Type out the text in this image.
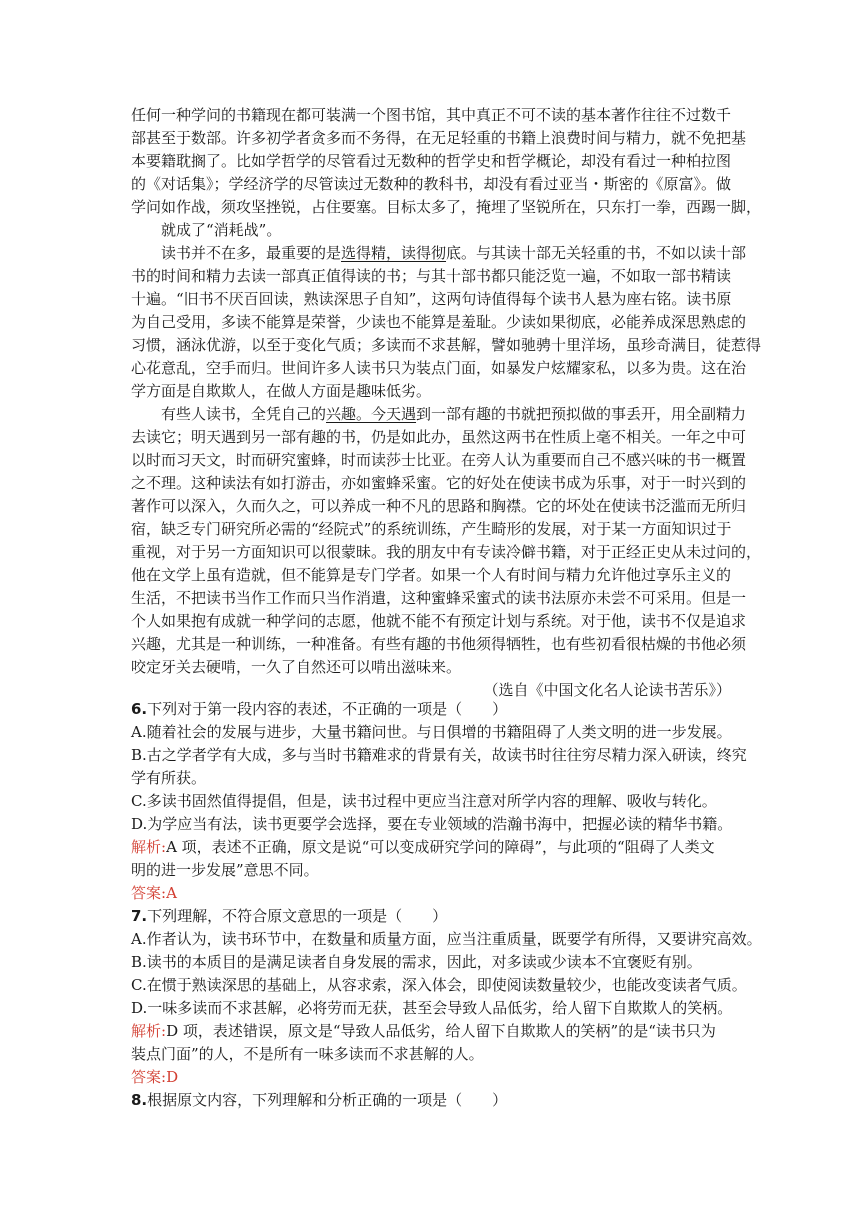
任何一种学问的书籍现在都可装满一个图书馆，其中真正不可不读的基本著作往往不过数千
部甚至于数部。许多初学者贪多而不务得，在无足轻重的书籍上浪费时间与精力，就不免把基
本要籍耽搁了。比如学哲学的尽管看过无数种的哲学史和哲学概论，却没有看过一种柏拉图
的《对话集》；学经济学的尽管读过无数种的教科书，却没有看过亚当・斯密的《原富》。做
学问如作战，须攻坚挫锐，占住要塞。目标太多了，掩埋了坚锐所在，只东打一拳，西踢一脚，
就成了“消耗战”。
读书并不在多，最重要的是选得精，读得彻底。与其读十部无关轻重的书，不如以读十部
书的时间和精力去读一部真正值得读的书；与其十部书都只能泛览一遍，不如取一部书精读
十遍。“旧书不厌百回读，熟读深思子自知”，这两句诗值得每个读书人悬为座右铭。读书原
为自己受用，多读不能算是荣誉，少读也不能算是羞耻。少读如果彻底，必能养成深思熟虑的
习惯，涵泳优游，以至于变化气质；多读而不求甚解，譬如驰骋十里洋场，虽珍奇满目，徒惹得
心花意乱，空手而归。世间许多人读书只为装点门面，如暴发户炫耀家私，以多为贵。这在治
学方面是自欺欺人，在做人方面是趣味低劣。
有些人读书，全凭自己的兴趣。今天遇到一部有趣的书就把预拟做的事丢开，用全副精力
去读它；明天遇到另一部有趣的书，仍是如此办，虽然这两书在性质上毫不相关。一年之中可
以时而习天文，时而研究蜜蜂，时而读莎士比亚。在旁人认为重要而自己不感兴味的书一概置
之不理。这种读法有如打游击，亦如蜜蜂采蜜。它的好处在使读书成为乐事，对于一时兴到的
著作可以深入，久而久之，可以养成一种不凡的思路和胸襟。它的坏处在使读书泛滥而无所归
宿，缺乏专门研究所必需的“经院式”的系统训练，产生畸形的发展，对于某一方面知识过于
重视，对于另一方面知识可以很蒙昧。我的朋友中有专读冷僻书籍，对于正经正史从未过问的，
他在文学上虽有造就，但不能算是专门学者。如果一个人有时间与精力允许他过享乐主义的
生活，不把读书当作工作而只当作消遣，这种蜜蜂采蜜式的读书法原亦未尝不可采用。但是一
个人如果抱有成就一种学问的志愿，他就不能不有预定计划与系统。对于他，读书不仅是追求
兴趣，尤其是一种训练，一种准备。有些有趣的书他须得牺牲，也有些初看很枯燥的书他必须
咬定牙关去硬啃，一久了自然还可以啃出滋味来。
（选自《中国文化名人论读书苦乐》）
6.下列对于第一段内容的表述，不正确的一项是（ ）
A.随着社会的发展与进步，大量书籍问世。与日俱增的书籍阻碍了人类文明的进一步发展。
B.古之学者学有大成，多与当时书籍难求的背景有关，故读书时往往穷尽精力深入研读，终究
学有所获。
C.多读书固然值得提倡，但是，读书过程中更应当注意对所学内容的理解、吸收与转化。
D.为学应当有法，读书更要学会选择，要在专业领域的浩瀚书海中，把握必读的精华书籍。
解析:A 项，表述不正确，原文是说“可以变成研究学问的障碍”，与此项的“阻碍了人类文
明的进一步发展”意思不同。
答案:A
7.下列理解，不符合原文意思的一项是（ ）
A.作者认为，读书环节中，在数量和质量方面，应当注重质量，既要学有所得，又要讲究高效。
B.读书的本质目的是满足读者自身发展的需求，因此，对多读或少读本不宜褒贬有别。
C.在惯于熟读深思的基础上，从容求索，深入体会，即使阅读数量较少，也能改变读者气质。
D.一味多读而不求甚解，必将劳而无获，甚至会导致人品低劣，给人留下自欺欺人的笑柄。
解析:D 项，表述错误，原文是“导致人品低劣，给人留下自欺欺人的笑柄”的是“读书只为
装点门面”的人，不是所有一味多读而不求甚解的人。
答案:D
8.根据原文内容，下列理解和分析正确的一项是（ ）
